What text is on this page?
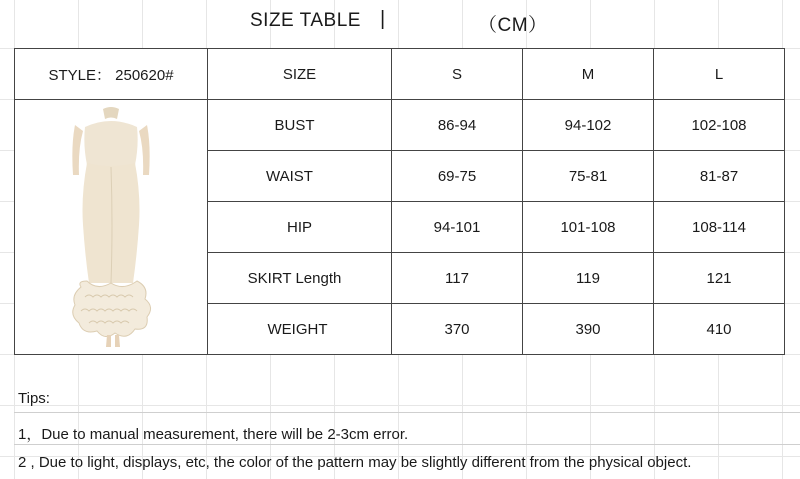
SIZE TABLE |	（CM）
STYLE： 250620#	SIZE	S	M	L

	BUST	86-94	94-102	102-108
	WAIST	69-75	75-81	81-87
	HIP	94-101	101-108	108-114
	SKIRT Length	117	119	121
	WEIGHT	370	390	410
Tips:
1，Due to manual measurement, there will be 2-3cm error.
2 , Due to light, displays, etc, the color of the pattern may be slightly different from the physical object.
